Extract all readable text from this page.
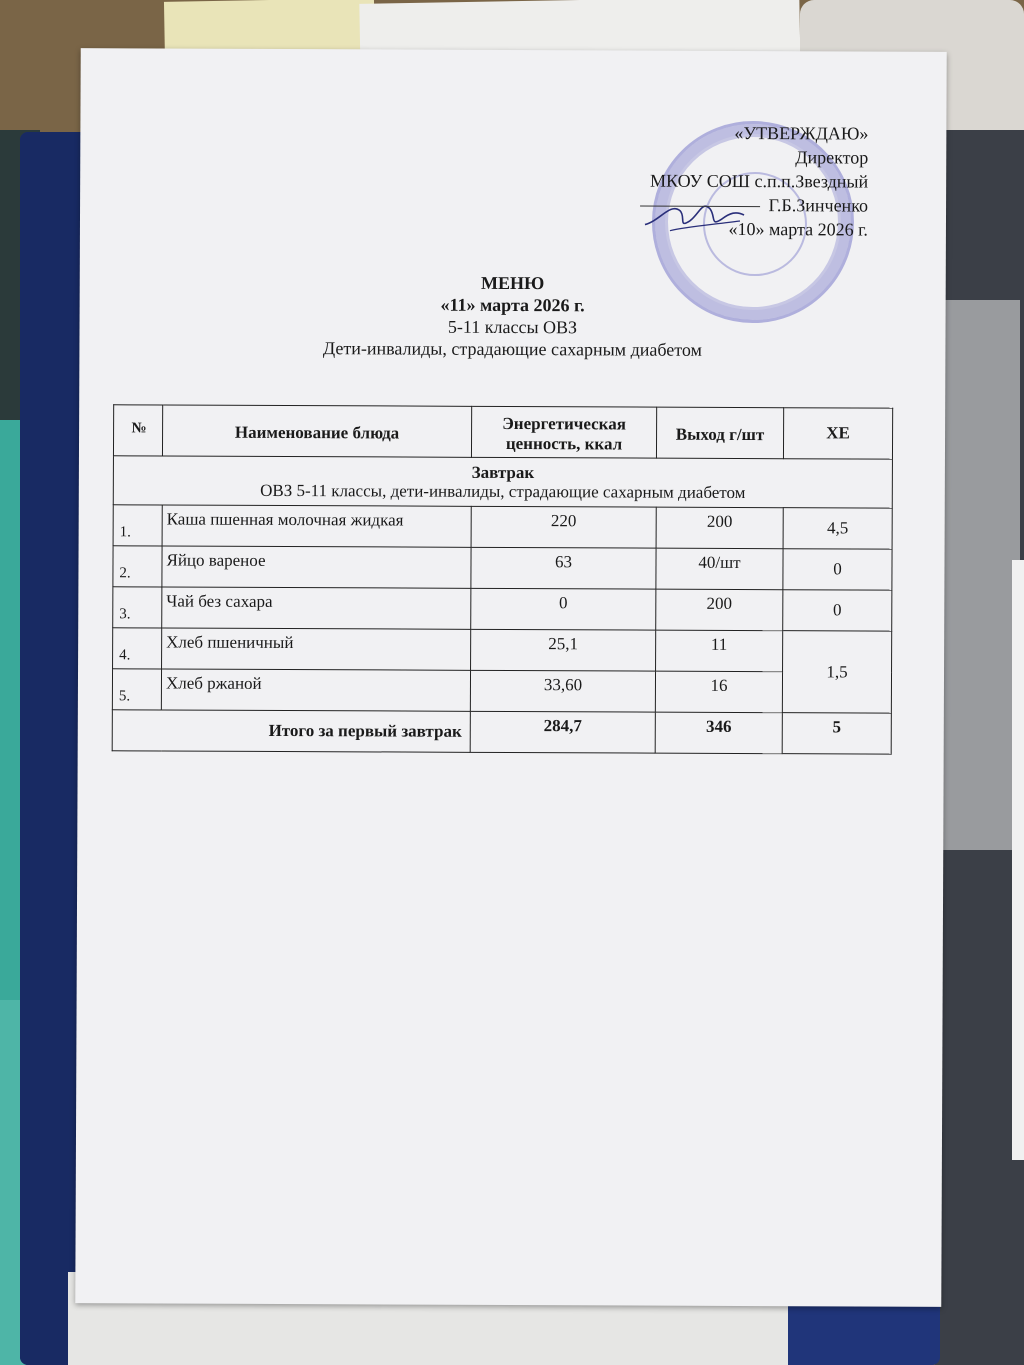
«УТВЕРЖДАЮ»
Директор
МКОУ СОШ с.п.п.Звездный
Г.Б.Зинченко
«10» марта 2026 г.
МЕНЮ
«11» марта 2026 г.
5-11 классы ОВЗ
Дети-инвалиды, страдающие сахарным диабетом
№	Наименование блюда	Энергетическая ценность, ккал	Выход г/шт	ХЕ

Завтрак
ОВЗ 5-11 классы, дети-инвалиды, страдающие сахарным диабетом				

1.	Каша пшенная молочная жидкая	220	200	4,5
2.	Яйцо вареное	63	40/шт	0
3.	Чай без сахара	0	200	0
4.	Хлеб пшеничный	25,1	11	1,5
5.	Хлеб ржаной	33,60	16	
Итого за первый завтрак		284,7	346	5
